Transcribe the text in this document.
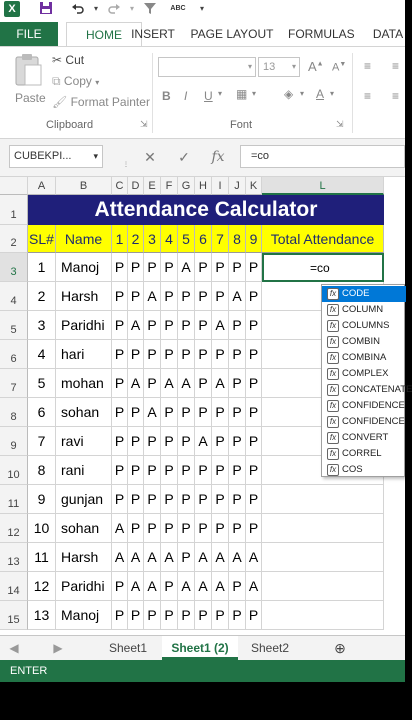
X	▾	▾	ABC	▾
FILE	HOME INSERT PAGE LAYOUT FORMULAS	DATA
Paste
✂ Cut
⧉ Copy ▾
🖌 Format Painter
Clipboard	⇲
▾	13 ▾ A▲ A▼ ≡ ≡
B I U ▾ ▦ ▾ ◈ ▾ A ▾ ≡ ≡
Font	⇲
CUBEKPI... ▾
⋮	✕ ✓ fx	=co
A	B	C D E F G H	I	J K	L
1
2
3
4
5
6
7
8
9
10
11
12
13
14
15
Attendance Calculator
SL# Name 1 2 3 4 5 6 7 8 9 Total Attendance
1	Manoj	P P P P A P P P P	=co
2	Harsh	P P A P P P P A P
3	Paridhi P A P P P P A P P
4	hari	P P P P P P P P P
5	mohan P A P A A P A P P
6	sohan	P P A P P P P P P
7	ravi	P P P P P A P P P
8	rani	P P P P P P P P P
9	gunjan P P P P P P P P P
10 sohan	A P P P P P P P P
11 Harsh	A A A A P A A A A
12 Paridhi P A A P A A A P A
13 Manoj	P P P P P P P P P
fx CODE
fx COLUMN
fx COLUMNS
fx COMBIN
fx COMBINA
fx COMPLEX
fx CONCATENATE
fx CONFIDENCE
fx CONFIDENCE
fx CONVERT
fx CORREL
fx COS
◀	▶	Sheet1	Sheet1 (2)	Sheet2	⊕
ENTER
